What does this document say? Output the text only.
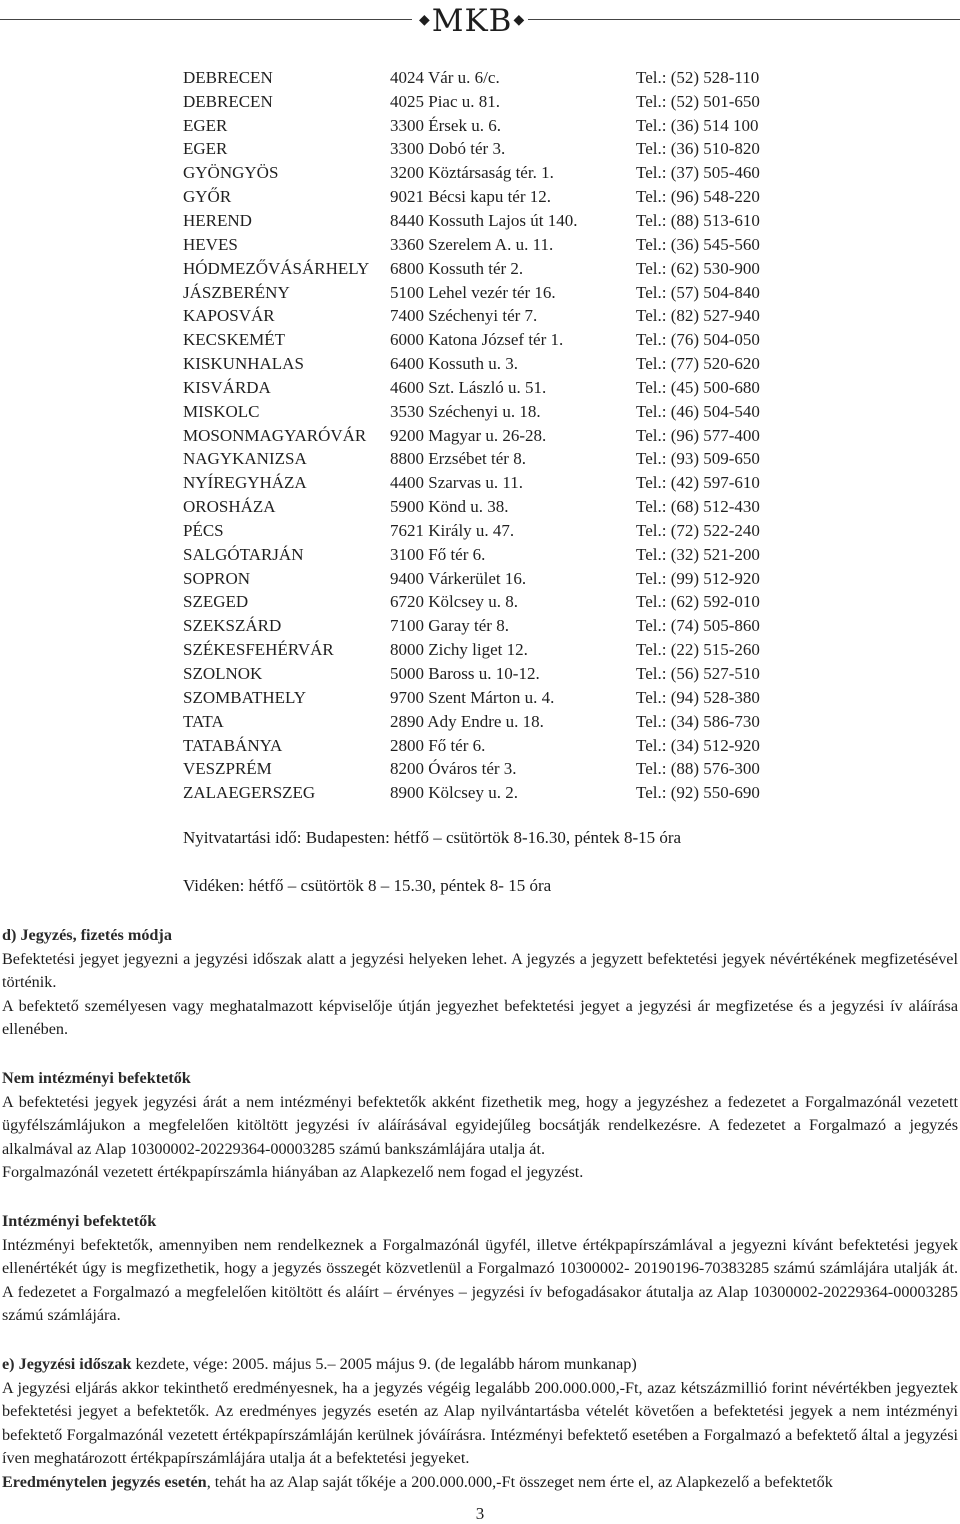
◆MKB◆
DEBRECEN	4024 Vár u. 6/c.	Tel.: (52) 528-110
DEBRECEN	4025 Piac u. 81.	Tel.: (52) 501-650
EGER	3300 Érsek u. 6.	Tel.: (36) 514 100
EGER	3300 Dobó tér 3.	Tel.: (36) 510-820
GYÖNGYÖS	3200 Köztársaság tér. 1.	Tel.: (37) 505-460
GYŐR	9021 Bécsi kapu tér 12.	Tel.: (96) 548-220
HEREND	8440 Kossuth Lajos út 140.	Tel.: (88) 513-610
HEVES	3360 Szerelem A. u. 11.	Tel.: (36) 545-560
HÓDMEZŐVÁSÁRHELY	6800 Kossuth tér 2.	Tel.: (62) 530-900
JÁSZBERÉNY	5100 Lehel vezér tér 16.	Tel.: (57) 504-840
KAPOSVÁR	7400 Széchenyi tér 7.	Tel.: (82) 527-940
KECSKEMÉT	6000 Katona József tér 1.	Tel.: (76) 504-050
KISKUNHALAS	6400 Kossuth u. 3.	Tel.: (77) 520-620
KISVÁRDA	4600 Szt. László u. 51.	Tel.: (45) 500-680
MISKOLC	3530 Széchenyi u. 18.	Tel.: (46) 504-540
MOSONMAGYARÓVÁR	9200 Magyar u. 26-28.	Tel.: (96) 577-400
NAGYKANIZSA	8800 Erzsébet tér 8.	Tel.: (93) 509-650
NYÍREGYHÁZA	4400 Szarvas u. 11.	Tel.: (42) 597-610
OROSHÁZA	5900 Könd u. 38.	Tel.: (68) 512-430
PÉCS	7621 Király u. 47.	Tel.: (72) 522-240
SALGÓTARJÁN	3100 Fő tér 6.	Tel.: (32) 521-200
SOPRON	9400 Várkerület 16.	Tel.: (99) 512-920
SZEGED	6720 Kölcsey u. 8.	Tel.: (62) 592-010
SZEKSZÁRD	7100 Garay tér 8.	Tel.: (74) 505-860
SZÉKESFEHÉRVÁR	8000 Zichy liget 12.	Tel.: (22) 515-260
SZOLNOK	5000 Baross u. 10-12.	Tel.: (56) 527-510
SZOMBATHELY	9700 Szent Márton u. 4.	Tel.: (94) 528-380
TATA	2890 Ady Endre u. 18.	Tel.: (34) 586-730
TATABÁNYA	2800 Fő tér 6.	Tel.: (34) 512-920
VESZPRÉM	8200 Óváros tér 3.	Tel.: (88) 576-300
ZALAEGERSZEG	8900 Kölcsey u. 2.	Tel.: (92) 550-690
Nyitvatartási idő: Budapesten: hétfő – csütörtök 8-16.30, péntek 8-15 óra
Vidéken: hétfő – csütörtök 8 – 15.30, péntek 8- 15 óra

d) Jegyzés, fizetés módja

Befektetési jegyet jegyezni a jegyzési időszak alatt a jegyzési helyeken lehet. A jegyzés a jegyzett befektetési jegyek névértékének megfizetésével történik.

A befektető személyesen vagy meghatalmazott képviselője útján jegyezhet befektetési jegyet a jegyzési ár megfizetése és a jegyzési ív aláírása ellenében.

Nem intézményi befektetők

A befektetési jegyek jegyzési árát a nem intézményi befektetők akként fizethetik meg, hogy a jegyzéshez a fedezetet a Forgalmazónál vezetett ügyfélszámlájukon a megfelelően kitöltött jegyzési ív aláírásával egyidejűleg bocsátják rendelkezésre. A fedezetet a Forgalmazó a jegyzés alkalmával az Alap 10300002-20229364-00003285 számú bankszámlájára utalja át.

Forgalmazónál vezetett értékpapírszámla hiányában az Alapkezelő nem fogad el jegyzést.

Intézményi befektetők

Intézményi befektetők, amennyiben nem rendelkeznek a Forgalmazónál ügyfél, illetve értékpapírszámlával a jegyezni kívánt befektetési jegyek ellenértékét úgy is megfizethetik, hogy a jegyzés összegét közvetlenül a Forgalmazó 10300002- 20190196-70383285 számú számlájára utalják át. A fedezetet a Forgalmazó a megfelelően kitöltött és aláírt – érvényes – jegyzési ív befogadásakor átutalja az Alap 10300002-20229364-00003285 számú számlájára.

e) Jegyzési időszak kezdete, vége: 2005. május 5.– 2005 május 9. (de legalább három munkanap)

A jegyzési eljárás akkor tekinthető eredményesnek, ha a jegyzés végéig legalább 200.000.000,-Ft, azaz kétszázmillió forint névértékben jegyeztek befektetési jegyet a befektetők. Az eredményes jegyzés esetén az Alap nyilvántartásba vételét követően a befektetési jegyek a nem intézményi befektető Forgalmazónál vezetett értékpapírszámláján kerülnek jóváírásra. Intézményi befektető esetében a Forgalmazó a befektető által a jegyzési íven meghatározott értékpapírszámlájára utalja át a befektetési jegyeket.

Eredménytelen jegyzés esetén, tehát ha az Alap saját tőkéje a 200.000.000,-Ft összeget nem érte el, az Alapkezelő a befektetők

3
